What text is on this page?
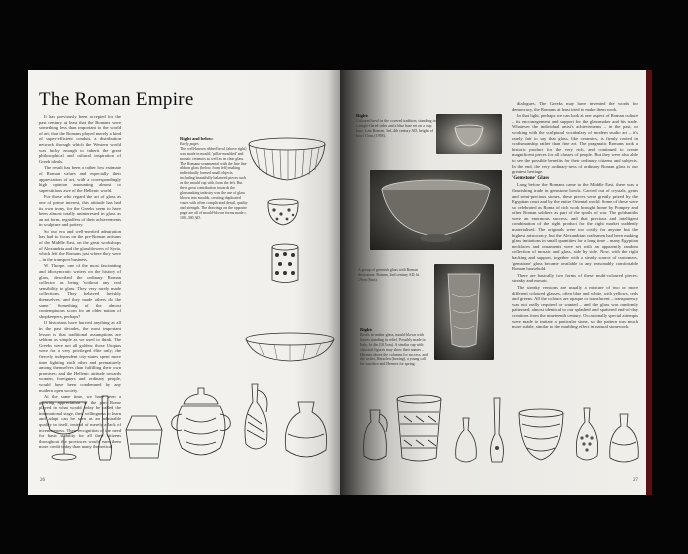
The Roman Empire

It has previously been accepted for the past century at least that the Romans were something less than important to the world of art; that the Romans played merely a kind of super-efficient conduit, a distribution network through which the Western world was lucky enough to inherit the great philosophical and cultural inspiration of Greek ideals.

The result has been a rather low estimate of Roman values and especially their appreciation of art, with a correspondingly high opinion amounting almost to superstitious awe of the Hellenic world.

For those who regard the art of glass as one of prime interest, this attitude has had its own irony, for the Greeks seem to have been almost totally uninterested in glass as an art form, regardless of their achievements in sculpture and pottery.

So our era and well-merited admiration has had to focus on the pre-Roman artisans of the Middle East, on the great workshops of Alexandria and the glassblowers of Syria, which left the Romans just where they were – in the transport business.

W. Thorpe, one of the most fascinating and idiosyncratic writers on the history of glass, described the ordinary Roman collector as being 'without any real sensibility to glass. They very rarely made collections. They behaved lavishly themselves, and they made others do the same.' Something of the almost contemptuous scorn for an older nation of shopkeepers, perhaps?

If historians have hurried anything at all in the past decades, the most important lesson is that traditional assumptions are seldom as simple as we used to think. The Greeks were not all golden; those Utopias were for a very privileged élite only; the fiercely independent city-states spent more time fighting each other and prematurely among themselves than fulfilling their own promises; and the Hellenic attitude towards women, foreigners and ordinary people, would have been condemned by any modern open society.

At the same time, we have seen a growing appreciation of the part Rome played in what would today be called the international stage, their willingness to learn and adapt can be seen as an admirable quality in itself, instead of merely a lack of inventiveness. Their recognition of the need for basic stability for all their citizens throughout the provinces would earn them more credit today than many theoretical

Right and below:
Early pages
The well-known ribbed bowl (above right) was made in mould, 'pillar-moulded' and mosaic ceramics as well as in clear glass. The Romano-ornamental with the fine line ribbon glass (below, from left) making individually formed small objects, including beautifully balanced pieces such as the mould cup with from the left. But their great contribution towards the glassmaking industry was the use of glass blown into moulds, creating duplicated vases with often complicated detail, quality and strength. The drawings on the opposite page are all of mould-blown forms made c. 100–300 AD.
26
Right:
Coloured bowl in the covered tradition, standing in a single-flared sides and a blue base set on a cup base. Late Roman, 3rd–4th century AD, height of bowl 15cm (1958).
A group of greenish glass with Roman decoration. Roman, 2nd century AD, ht 19cm (6ins).
Right:
Bowls in amber glass, mould blown with leaves standing in relief. Possibly made in Italy, ht 4in (10.5cm). A similar cup with classical figures may show their names – Hermes above the columns for success, and the writer, Heraclea (boxing), a young calf for sacrifice and Hermes for spring.

dialogues. The Greeks may have invented the words for democracy, the Romans at least tried to make them work.

In that light, perhaps we can look at one aspect of Roman culture – its encouragement and support for the glassmaker and his trade. Whatever the individual artist's achievements – in the past, or working with the sculptural vocabulary of modern studio art – it's rarely fair to say that glass, like ceramics, is firmly rooted in craftsmanship rather than fine art. The pragmatic Romans took a historic product for the very rich, and continued to create magnificent pieces for all classes of people. But they were also able to see the possible benefits for their ordinary citizens and subjects. In the end, the very ordinary-ness of ordinary Roman glass is our greatest heritage.

'Gemstone' Glass

Long before the Romans came to the Middle East, there was a flourishing trade in gemstone bowls. Carved out of crystals, gems and semi-precious stones, these pieces were greatly prized by the Egyptian court and by the entire Oriental world. Some of these were so celebrated as Roma of rich work brought home by Pompey and other Roman soldiers as part of the spoils of war. The goldsmiths were an enormous success, and that precious and intelligent combination of the right product for the right market suddenly materialised. The originals were too costly for anyone but the highest aristocracy, but the Alexandrian craftsmen had been making glass imitations in small quantities for a long time – many Egyptian necklaces and ornaments were set with an apparently random collection of mosaic and glass, side by side. Now, with the right backing and support, together with a steady source of customers, 'gemstone' glass became available to any reasonably comfortable Roman household.

There are basically two forms of these multi-coloured pieces: streaky and mosaic.

The streaky versions are usually a mixture of two or more different coloured glasses, often blue and white, with yellows, reds and greens. All the colours are opaque or translucent – transparency was not really required or wanted – and the glass was randomly patterned, almost identical to our splashed and spattered end-of-day creations from the nineteenth century. Occasionally special attempts were made to imitate a particular stone, so the pattern was much more subtle, similar to the marbling effect in natural stonework.

27
